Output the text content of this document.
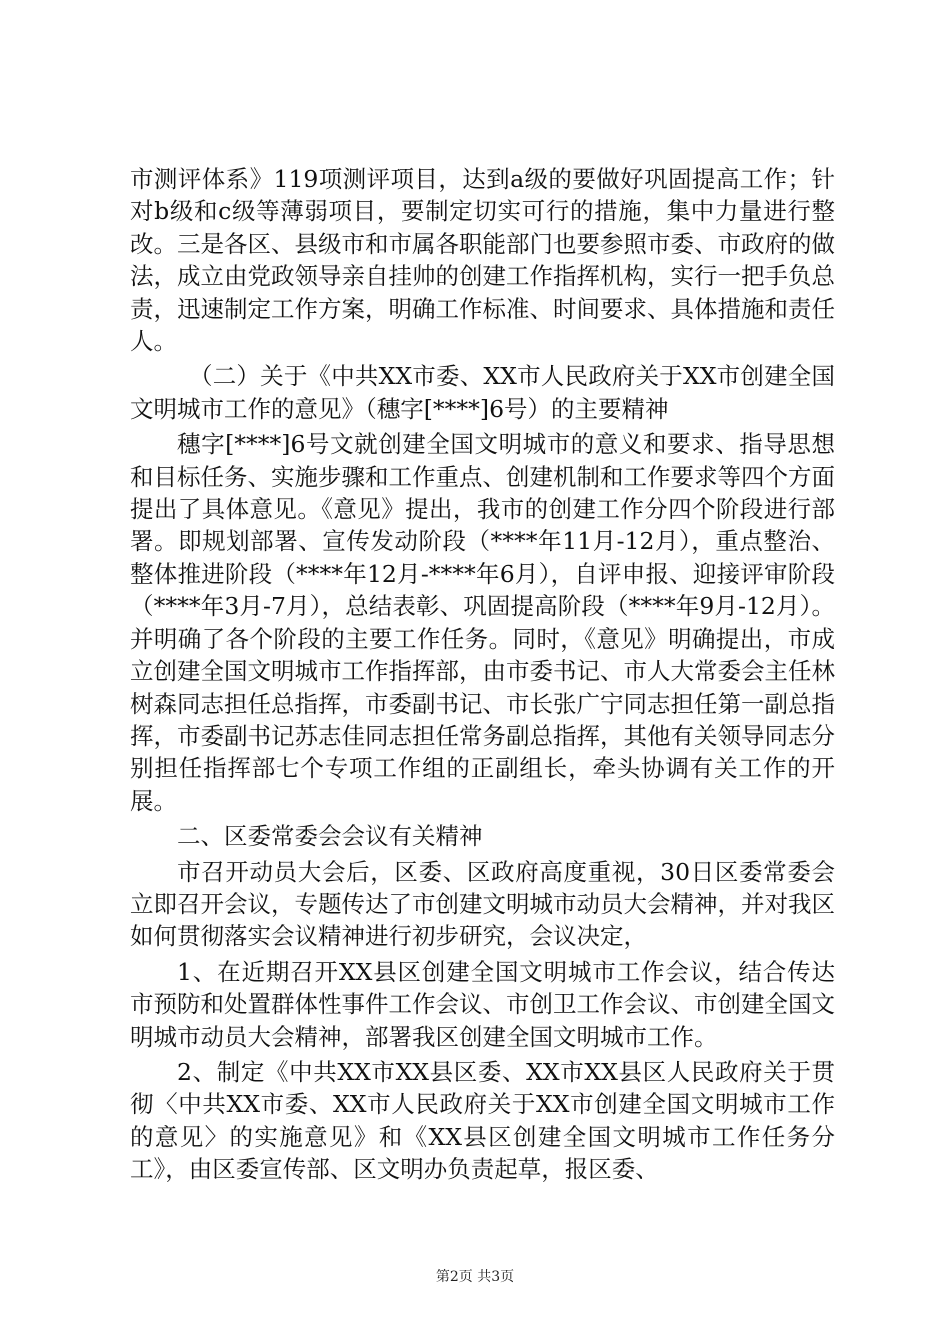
市测评体系》119项测评项目，达到a级的要做好巩固提高工作；针对b级和c级等薄弱项目，要制定切实可行的措施，集中力量进行整改。三是各区、县级市和市属各职能部门也要参照市委、市政府的做法，成立由党政领导亲自挂帅的创建工作指挥机构，实行一把手负总责，迅速制定工作方案，明确工作标准、时间要求、具体措施和责任人。

（二）关于《中共XX市委、XX市人民政府关于XX市创建全国文明城市工作的意见》（穗字[****]6号）的主要精神

穗字[****]6号文就创建全国文明城市的意义和要求、指导思想和目标任务、实施步骤和工作重点、创建机制和工作要求等四个方面提出了具体意见。《意见》提出，我市的创建工作分四个阶段进行部署。即规划部署、宣传发动阶段（****年11月-12月），重点整治、整体推进阶段（****年12月-****年6月），自评申报、迎接评审阶段（****年3月-7月），总结表彰、巩固提高阶段（****年9月-12月）。并明确了各个阶段的主要工作任务。同时，《意见》明确提出，市成立创建全国文明城市工作指挥部，由市委书记、市人大常委会主任林树森同志担任总指挥，市委副书记、市长张广宁同志担任第一副总指挥，市委副书记苏志佳同志担任常务副总指挥，其他有关领导同志分别担任指挥部七个专项工作组的正副组长，牵头协调有关工作的开展。

二、区委常委会会议有关精神

市召开动员大会后，区委、区政府高度重视，30日区委常委会立即召开会议，专题传达了市创建文明城市动员大会精神，并对我区如何贯彻落实会议精神进行初步研究，会议决定，

1、在近期召开XX县区创建全国文明城市工作会议，结合传达市预防和处置群体性事件工作会议、市创卫工作会议、市创建全国文明城市动员大会精神，部署我区创建全国文明城市工作。

2、制定《中共XX市XX县区委、XX市XX县区人民政府关于贯彻〈中共XX市委、XX市人民政府关于XX市创建全国文明城市工作的意见〉的实施意见》和《XX县区创建全国文明城市工作任务分工》，由区委宣传部、区文明办负责起草，报区委、

第2页 共3页
